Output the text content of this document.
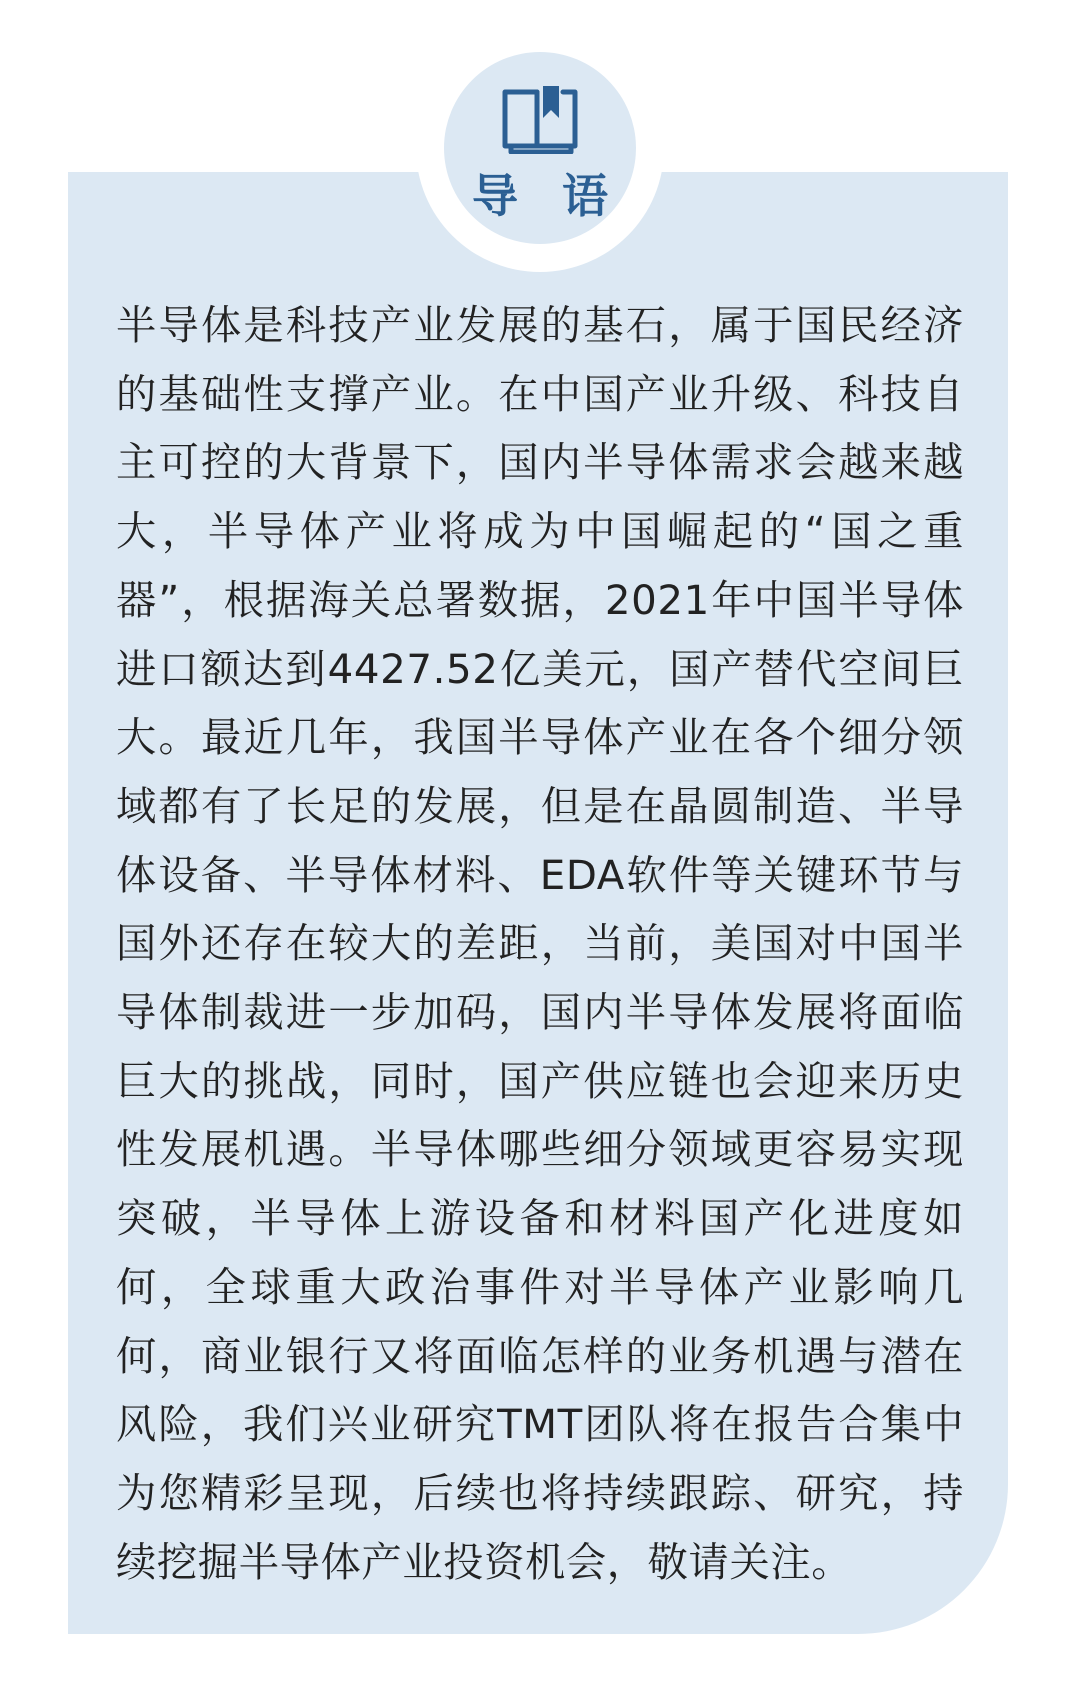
导 语

半导体是科技产业发展的基石，属于国民经济的基础性支撑产业。在中国产业升级、科技自主可控的大背景下，国内半导体需求会越来越大，半导体产业将成为中国崛起的“国之重器”，根据海关总署数据，2021年中国半导体进口额达到4427.52亿美元，国产替代空间巨大。最近几年，我国半导体产业在各个细分领域都有了长足的发展，但是在晶圆制造、半导体设备、半导体材料、EDA软件等关键环节与国外还存在较大的差距，当前，美国对中国半导体制裁进一步加码，国内半导体发展将面临巨大的挑战，同时，国产供应链也会迎来历史性发展机遇。半导体哪些细分领域更容易实现突破，半导体上游设备和材料国产化进度如何，全球重大政治事件对半导体产业影响几何，商业银行又将面临怎样的业务机遇与潜在风险，我们兴业研究TMT团队将在报告合集中为您精彩呈现，后续也将持续跟踪、研究，持续挖掘半导体产业投资机会，敬请关注。
